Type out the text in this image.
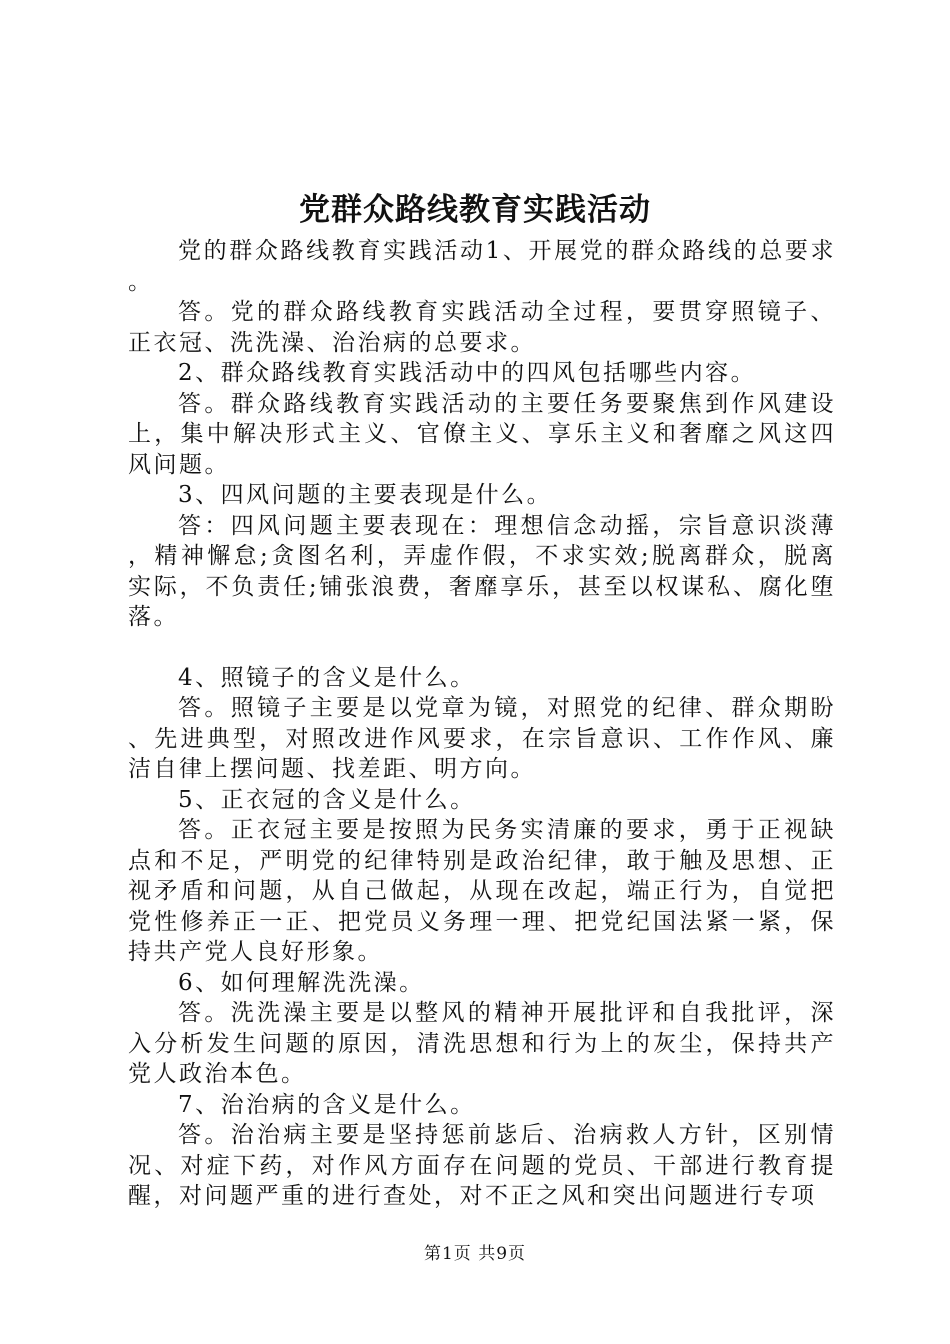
党群众路线教育实践活动

党的群众路线教育实践活动1、开展党的群众路线的总要求。

答。党的群众路线教育实践活动全过程，要贯穿照镜子、正衣冠、洗洗澡、治治病的总要求。

2、群众路线教育实践活动中的四风包括哪些内容。

答。群众路线教育实践活动的主要任务要聚焦到作风建设上，集中解决形式主义、官僚主义、享乐主义和奢靡之风这四风问题。

3、四风问题的主要表现是什么。

答：四风问题主要表现在：理想信念动摇，宗旨意识淡薄，精神懈怠;贪图名利，弄虚作假，不求实效;脱离群众，脱离实际，不负责任;铺张浪费，奢靡享乐，甚至以权谋私、腐化堕落。

4、照镜子的含义是什么。

答。照镜子主要是以党章为镜，对照党的纪律、群众期盼、先进典型，对照改进作风要求，在宗旨意识、工作作风、廉洁自律上摆问题、找差距、明方向。

5、正衣冠的含义是什么。

答。正衣冠主要是按照为民务实清廉的要求，勇于正视缺点和不足，严明党的纪律特别是政治纪律，敢于触及思想、正视矛盾和问题，从自己做起，从现在改起，端正行为，自觉把党性修养正一正、把党员义务理一理、把党纪国法紧一紧，保持共产党人良好形象。

6、如何理解洗洗澡。

答。洗洗澡主要是以整风的精神开展批评和自我批评，深入分析发生问题的原因，清洗思想和行为上的灰尘，保持共产党人政治本色。

7、治治病的含义是什么。

答。治治病主要是坚持惩前毖后、治病救人方针，区别情况、对症下药，对作风方面存在问题的党员、干部进行教育提醒，对问题严重的进行查处，对不正之风和突出问题进行专项

第1页 共9页
